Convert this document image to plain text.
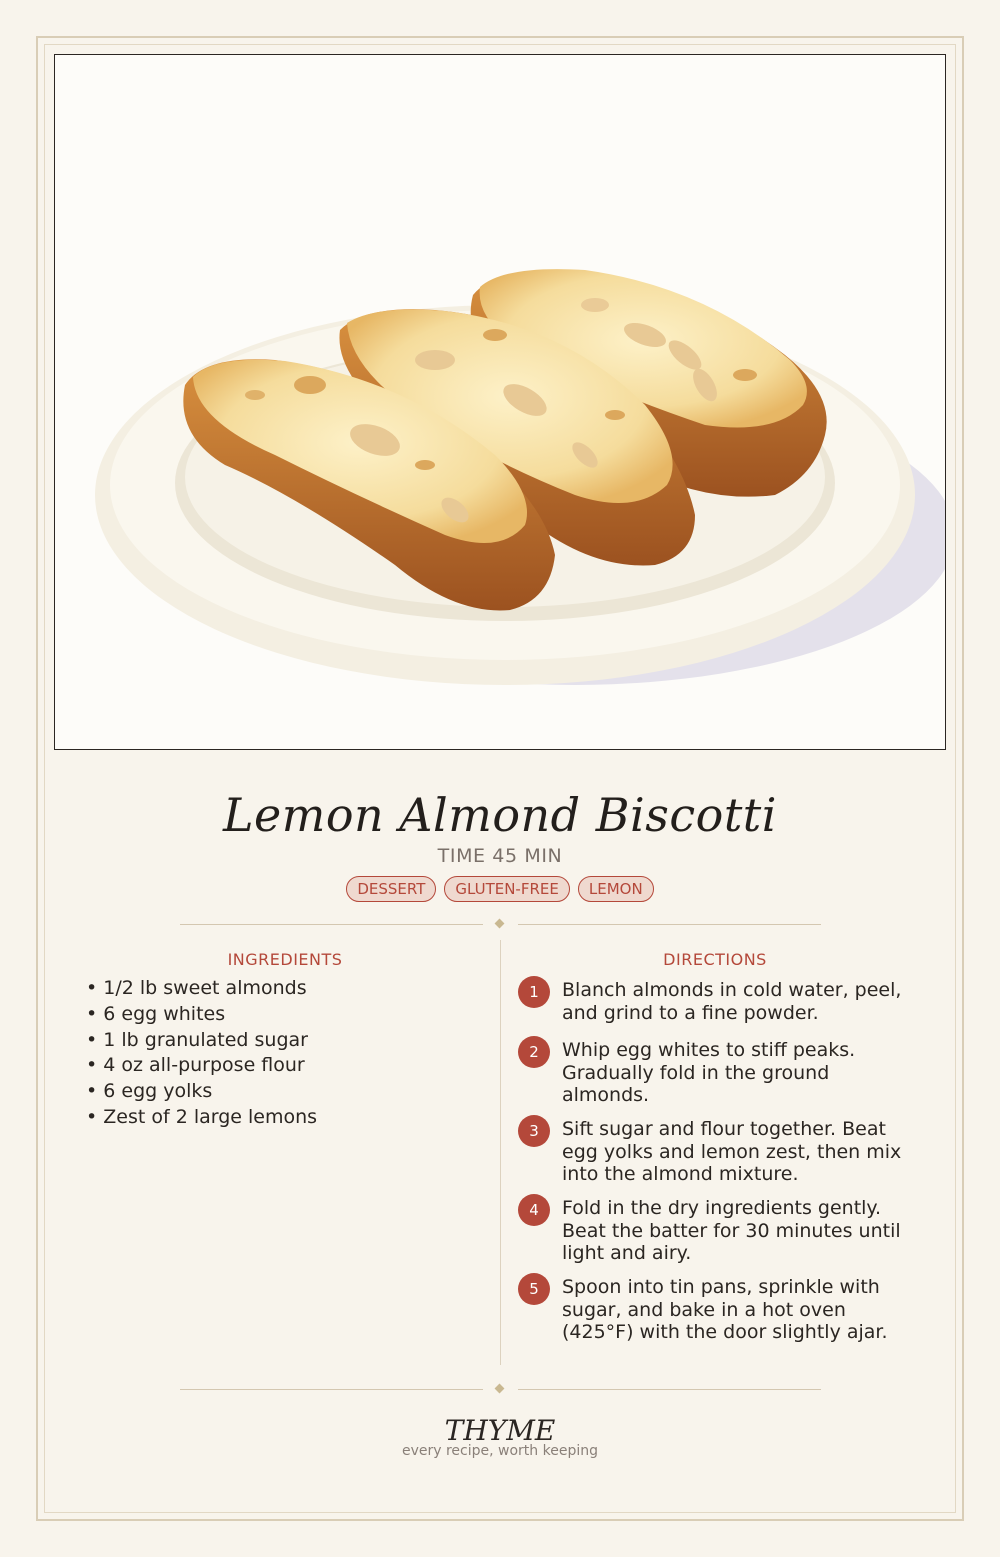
Lemon Almond Biscotti
TIME 45 MIN
DESSERT	GLUTEN-FREE	LEMON
INGREDIENTS
• 1/2 lb sweet almonds
• 6 egg whites
• 1 lb granulated sugar
• 4 oz all-purpose flour
• 6 egg yolks
• Zest of 2 large lemons
DIRECTIONS
1	Blanch almonds in cold water, peel, and grind to a fine powder.
2	Whip egg whites to stiff peaks. Gradually fold in the ground almonds.
3	Sift sugar and flour together. Beat egg yolks and lemon zest, then mix into the almond mixture.
4	Fold in the dry ingredients gently. Beat the batter for 30 minutes until light and airy.
5	Spoon into tin pans, sprinkle with sugar, and bake in a hot oven (425°F) with the door slightly ajar.
THYME
every recipe, worth keeping
